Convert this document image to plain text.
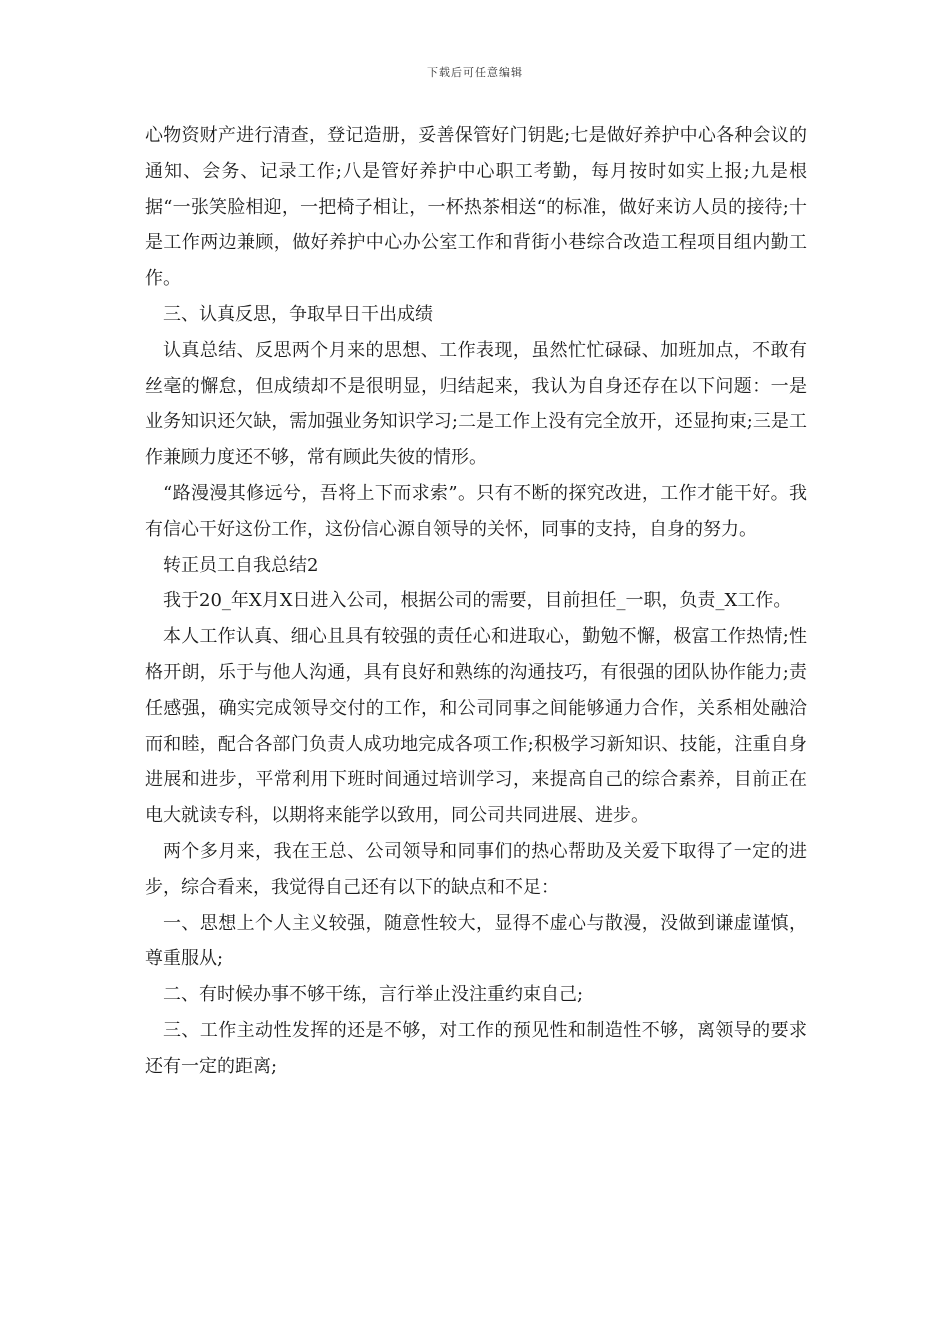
下载后可任意编辑

心物资财产进行清查，登记造册，妥善保管好门钥匙;七是做好养护中心各种会议的通知、会务、记录工作;八是管好养护中心职工考勤，每月按时如实上报;九是根据“一张笑脸相迎，一把椅子相让，一杯热茶相送“的标准，做好来访人员的接待;十是工作两边兼顾，做好养护中心办公室工作和背街小巷综合改造工程项目组内勤工作。

三、认真反思，争取早日干出成绩

认真总结、反思两个月来的思想、工作表现，虽然忙忙碌碌、加班加点，不敢有丝毫的懈怠，但成绩却不是很明显，归结起来，我认为自身还存在以下问题：一是业务知识还欠缺，需加强业务知识学习;二是工作上没有完全放开，还显拘束;三是工作兼顾力度还不够，常有顾此失彼的情形。

“路漫漫其修远兮，吾将上下而求索”。只有不断的探究改进，工作才能干好。我有信心干好这份工作，这份信心源自领导的关怀，同事的支持，自身的努力。

转正员工自我总结2

我于20_年X月X日进入公司，根据公司的需要，目前担任_一职，负责_X工作。

本人工作认真、细心且具有较强的责任心和进取心，勤勉不懈，极富工作热情;性格开朗，乐于与他人沟通，具有良好和熟练的沟通技巧，有很强的团队协作能力;责任感强，确实完成领导交付的工作，和公司同事之间能够通力合作，关系相处融洽而和睦，配合各部门负责人成功地完成各项工作;积极学习新知识、技能，注重自身进展和进步，平常利用下班时间通过培训学习，来提高自己的综合素养，目前正在电大就读专科，以期将来能学以致用，同公司共同进展、进步。

两个多月来，我在王总、公司领导和同事们的热心帮助及关爱下取得了一定的进步，综合看来，我觉得自己还有以下的缺点和不足：

一、思想上个人主义较强，随意性较大，显得不虚心与散漫，没做到谦虚谨慎，尊重服从;

二、有时候办事不够干练，言行举止没注重约束自己;

三、工作主动性发挥的还是不够，对工作的预见性和制造性不够，离领导的要求还有一定的距离;
